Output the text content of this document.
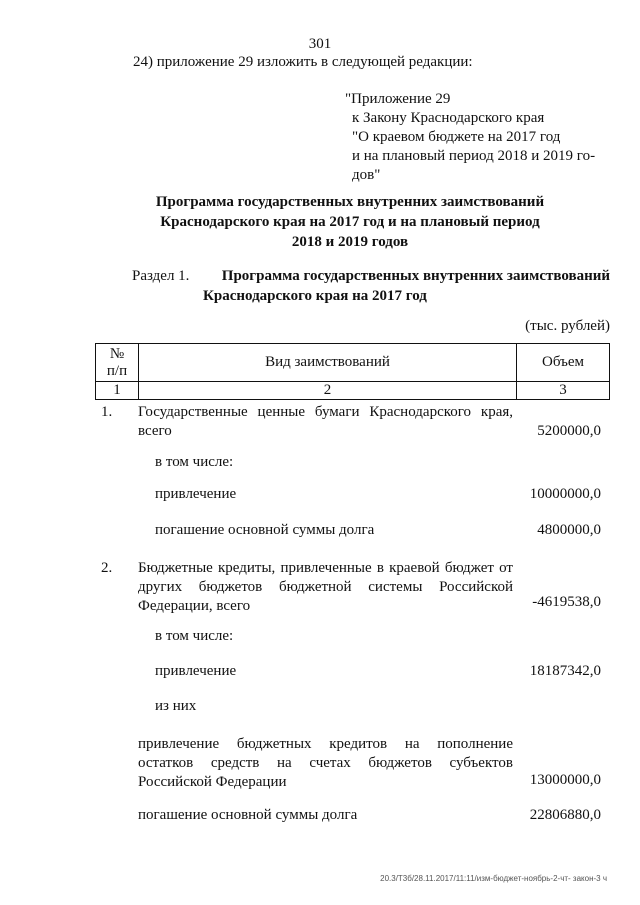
301
24) приложение 29 изложить в следующей редакции:
"Приложение 29
к Закону Краснодарского края
"О краевом бюджете на 2017 год
и на плановый период 2018 и 2019 го-
дов"
Программа государственных внутренних заимствований
Краснодарского края на 2017 год и на плановый период
2018 и 2019 годов
Раздел 1. Программа государственных внутренних заимствований
Краснодарского края на 2017 год
(тыс. рублей)
№
п/п	Вид заимствований	Объем
1	2	3
1. Государственные ценные бумаги Краснодарского края, всего	5200000,0
в том числе:
привлечение	10000000,0
погашение основной суммы долга	4800000,0
2. Бюджетные кредиты, привлеченные в краевой бюджет от других бюджетов бюджетной системы Российской Федерации, всего	-4619538,0
в том числе:
привлечение	18187342,0
из них
привлечение бюджетных кредитов на пополнение остатков средств на счетах бюджетов субъектов Российской Федерации	13000000,0
погашение основной суммы долга	22806880,0
20.3/Т3б/28.11.2017/11:11/изм-бюджет-ноябрь-2-чт- закон-3 ч
